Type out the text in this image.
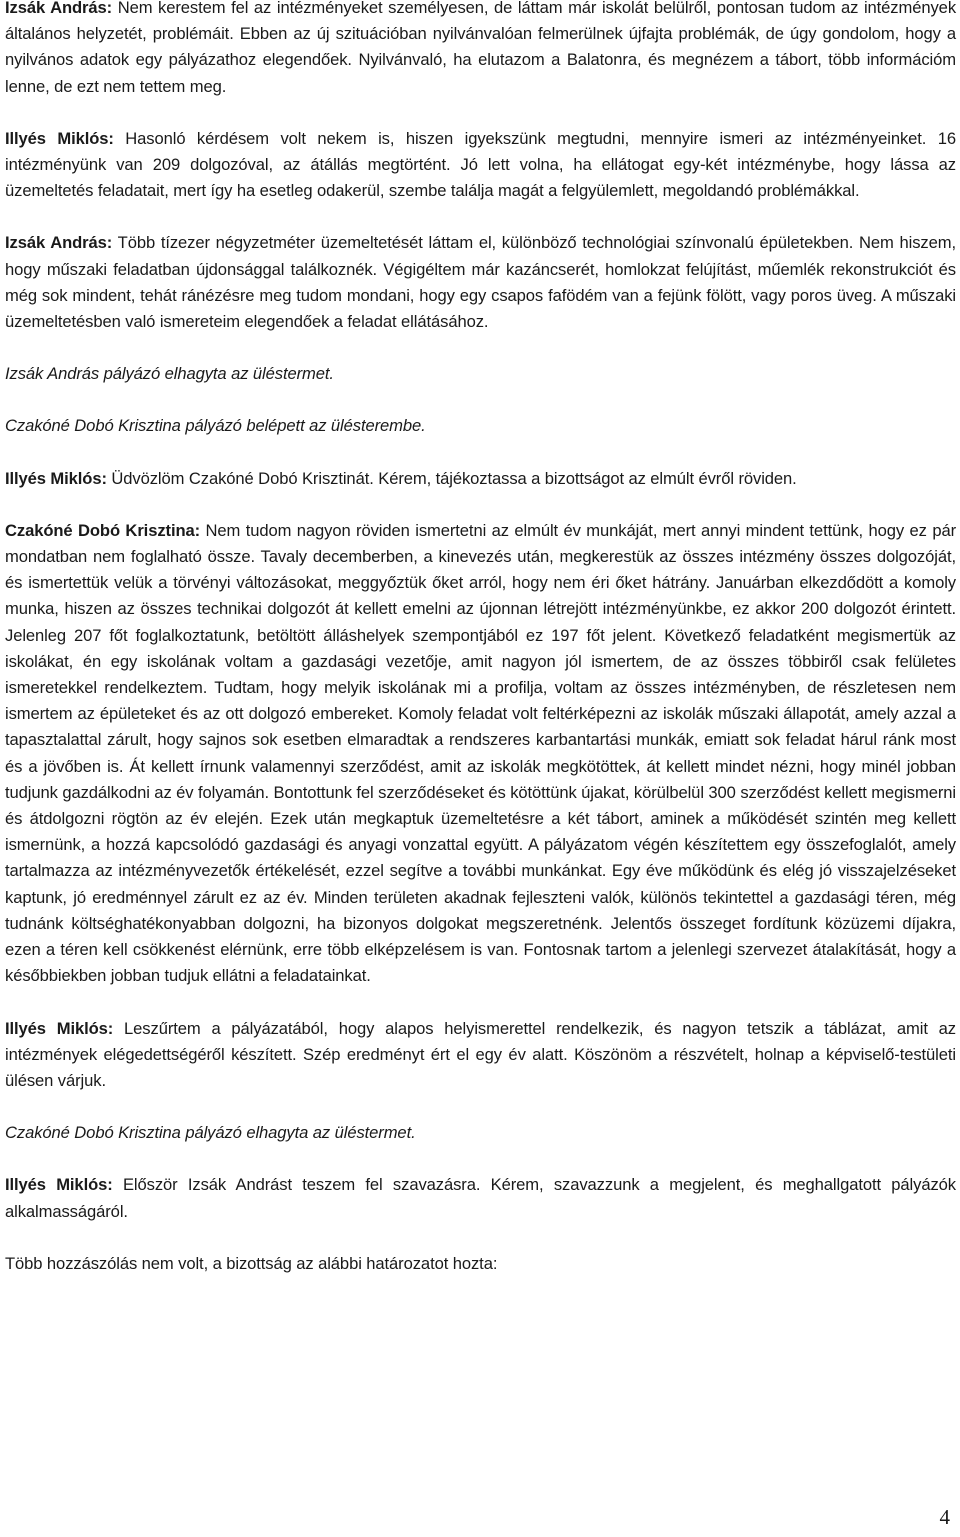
Izsák András: Nem kerestem fel az intézményeket személyesen, de láttam már iskolát belülről, pontosan tudom az intézmények általános helyzetét, problémáit. Ebben az új szituációban nyilvánvalóan felmerülnek újfajta problémák, de úgy gondolom, hogy a nyilvános adatok egy pályázathoz elegendőek. Nyilvánvaló, ha elutazom a Balatonra, és megnézem a tábort, több információm lenne, de ezt nem tettem meg.

Illyés Miklós: Hasonló kérdésem volt nekem is, hiszen igyekszünk megtudni, mennyire ismeri az intézményeinket. 16 intézményünk van 209 dolgozóval, az átállás megtörtént. Jó lett volna, ha ellátogat egy-két intézménybe, hogy lássa az üzemeltetés feladatait, mert így ha esetleg odakerül, szembe találja magát a felgyülemlett, megoldandó problémákkal.

Izsák András: Több tízezer négyzetméter üzemeltetését láttam el, különböző technológiai színvonalú épületekben. Nem hiszem, hogy műszaki feladatban újdonsággal találkoznék. Végigéltem már kazáncserét, homlokzat felújítást, műemlék rekonstrukciót és még sok mindent, tehát ránézésre meg tudom mondani, hogy egy csapos fafödém van a fejünk fölött, vagy poros üveg. A műszaki üzemeltetésben való ismereteim elegendőek a feladat ellátásához.

Izsák András pályázó elhagyta az üléstermet.

Czakóné Dobó Krisztina pályázó belépett az ülésterembe.

Illyés Miklós: Üdvözlöm Czakóné Dobó Krisztinát. Kérem, tájékoztassa a bizottságot az elmúlt évről röviden.

Czakóné Dobó Krisztina: Nem tudom nagyon röviden ismertetni az elmúlt év munkáját, mert annyi mindent tettünk, hogy ez pár mondatban nem foglalható össze. Tavaly decemberben, a kinevezés után, megkerestük az összes intézmény összes dolgozóját, és ismertettük velük a törvényi változásokat, meggyőztük őket arról, hogy nem éri őket hátrány. Januárban elkezdődött a komoly munka, hiszen az összes technikai dolgozót át kellett emelni az újonnan létrejött intézményünkbe, ez akkor 200 dolgozót érintett. Jelenleg 207 főt foglalkoztatunk, betöltött álláshelyek szempontjából ez 197 főt jelent. Következő feladatként megismertük az iskolákat, én egy iskolának voltam a gazdasági vezetője, amit nagyon jól ismertem, de az összes többiről csak felületes ismeretekkel rendelkeztem. Tudtam, hogy melyik iskolának mi a profilja, voltam az összes intézményben, de részletesen nem ismertem az épületeket és az ott dolgozó embereket. Komoly feladat volt feltérképezni az iskolák műszaki állapotát, amely azzal a tapasztalattal zárult, hogy sajnos sok esetben elmaradtak a rendszeres karbantartási munkák, emiatt sok feladat hárul ránk most és a jövőben is. Át kellett írnunk valamennyi szerződést, amit az iskolák megkötöttek, át kellett mindet nézni, hogy minél jobban tudjunk gazdálkodni az év folyamán. Bontottunk fel szerződéseket és kötöttünk újakat, körülbelül 300 szerződést kellett megismerni és átdolgozni rögtön az év elején. Ezek után megkaptuk üzemeltetésre a két tábort, aminek a működését szintén meg kellett ismernünk, a hozzá kapcsolódó gazdasági és anyagi vonzattal együtt. A pályázatom végén készítettem egy összefoglalót, amely tartalmazza az intézményvezetők értékelését, ezzel segítve a további munkánkat. Egy éve működünk és elég jó visszajelzéseket kaptunk, jó eredménnyel zárult ez az év. Minden területen akadnak fejleszteni valók, különös tekintettel a gazdasági téren, még tudnánk költséghatékonyabban dolgozni, ha bizonyos dolgokat megszeretnénk. Jelentős összeget fordítunk közüzemi díjakra, ezen a téren kell csökkenést elérnünk, erre több elképzelésem is van. Fontosnak tartom a jelenlegi szervezet átalakítását, hogy a későbbiekben jobban tudjuk ellátni a feladatainkat.

Illyés Miklós: Leszűrtem a pályázatából, hogy alapos helyismerettel rendelkezik, és nagyon tetszik a táblázat, amit az intézmények elégedettségéről készített. Szép eredményt ért el egy év alatt. Köszönöm a részvételt, holnap a képviselő-testületi ülésen várjuk.

Czakóné Dobó Krisztina pályázó elhagyta az üléstermet.

Illyés Miklós: Először Izsák Andrást teszem fel szavazásra. Kérem, szavazzunk a megjelent, és meghallgatott pályázók alkalmasságáról.

Több hozzászólás nem volt, a bizottság az alábbi határozatot hozta:

4
